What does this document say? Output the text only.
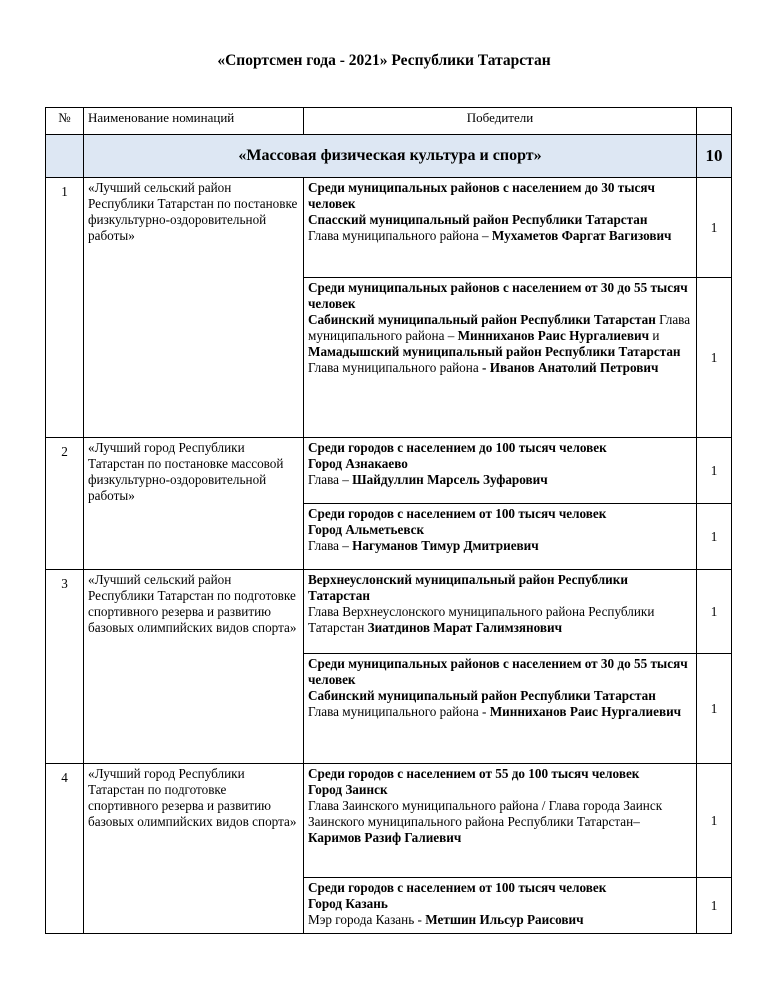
«Спортсмен года - 2021» Республики Татарстан
№	Наименование номинаций	Победители	
	«Массовая физическая культура и спорт»		10
1	«Лучший сельский район Республики Татарстан по постановке физкультурно-оздоровительной работы»	Среди муниципальных районов с населением до 30 тысяч человек
Спасский муниципальный район Республики Татарстан
Глава муниципального района – Мухаметов Фаргат Вагизович	1
		Среди муниципальных районов с населением от 30 до 55 тысяч человек
Сабинский муниципальный район Республики Татарстан Глава муниципального района – Минниханов Раис Нургалиевич и
Мамадышский муниципальный район Республики Татарстан
Глава муниципального района - Иванов Анатолий Петрович	1
2	«Лучший город Республики Татарстан по постановке массовой физкультурно-оздоровительной работы»	Среди городов с населением до 100 тысяч человек
Город Азнакаево
Глава – Шайдуллин Марсель Зуфарович	1
		Среди городов с населением от 100 тысяч человек
Город Альметьевск
Глава – Нагуманов Тимур Дмитриевич	1
3	«Лучший сельский район Республики Татарстан по подготовке спортивного резерва и развитию базовых олимпийских видов спорта»	Верхнеуслонский муниципальный район Республики Татарстан
Глава Верхнеуслонского муниципального района Республики Татарстан Зиатдинов Марат Галимзянович	1
		Среди муниципальных районов с населением от 30 до 55 тысяч человек
Сабинский муниципальный район Республики Татарстан
Глава муниципального района - Минниханов Раис Нургалиевич	1
4	«Лучший город Республики Татарстан по подготовке спортивного резерва и развитию базовых олимпийских видов спорта»	Среди городов с населением от 55 до 100 тысяч человек
Город Заинск
Глава Заинского муниципального района / Глава города Заинск Заинского муниципального района Республики Татарстан– Каримов Разиф Галиевич	1
		Среди городов с населением от 100 тысяч человек
Город Казань
Мэр города Казань - Метшин Ильсур Раисович	1
